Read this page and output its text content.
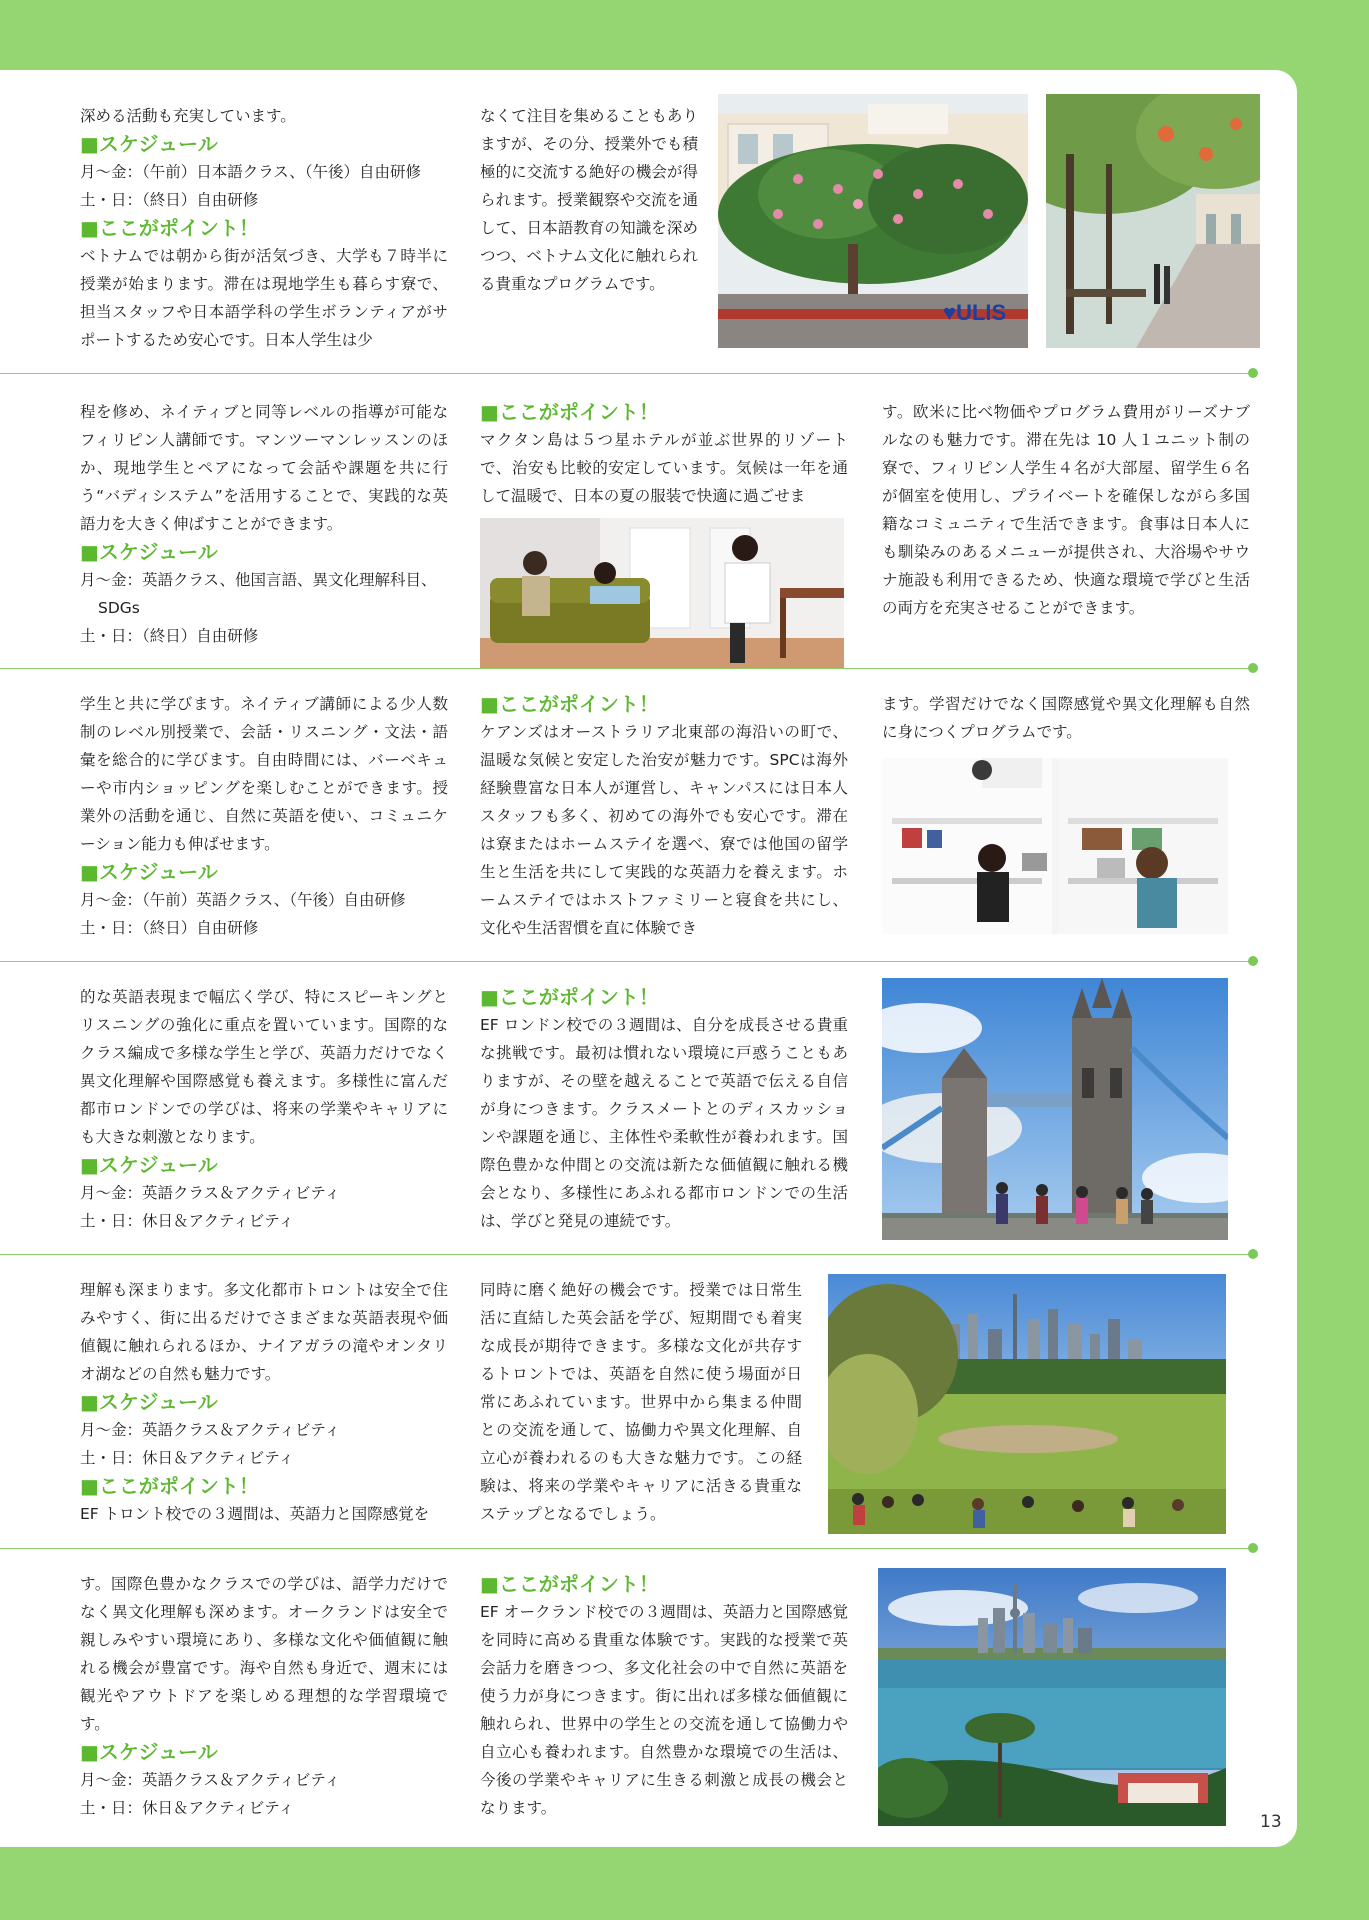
深める活動も充実しています。

■スケジュール

月〜金：（午前）日本語クラス、（午後）自由研修

土・日：（終日）自由研修

■ここがポイント！

ベトナムでは朝から街が活気づき、大学も７時半に授業が始まります。滞在は現地学生も暮らす寮で、担当スタッフや日本語学科の学生ボランティアがサポートするため安心です。日本人学生は少

なくて注目を集めることもありますが、その分、授業外でも積極的に交流する絶好の機会が得られます。授業観察や交流を通して、日本語教育の知識を深めつつ、ベトナム文化に触れられる貴重なプログラムです。

♥ULIS

程を修め、ネイティブと同等レベルの指導が可能なフィリピン人講師です。マンツーマンレッスンのほか、現地学生とペアになって会話や課題を共に行う“バディシステム”を活用することで、実践的な英語力を大きく伸ばすことができます。

■スケジュール

月〜金：英語クラス、他国言語、異文化理解科目、

SDGs

土・日：（終日）自由研修

■ここがポイント！

マクタン島は５つ星ホテルが並ぶ世界的リゾートで、治安も比較的安定しています。気候は一年を通して温暖で、日本の夏の服装で快適に過ごせま

す。欧米に比べ物価やプログラム費用がリーズナブルなのも魅力です。滞在先は 10 人１ユニット制の寮で、フィリピン人学生４名が大部屋、留学生６名が個室を使用し、プライベートを確保しながら多国籍なコミュニティで生活できます。食事は日本人にも馴染みのあるメニューが提供され、大浴場やサウナ施設も利用できるため、快適な環境で学びと生活の両方を充実させることができます。

学生と共に学びます。ネイティブ講師による少人数制のレベル別授業で、会話・リスニング・文法・語彙を総合的に学びます。自由時間には、バーベキューや市内ショッピングを楽しむことができます。授業外の活動を通じ、自然に英語を使い、コミュニケーション能力も伸ばせます。

■スケジュール

月〜金：（午前）英語クラス、（午後）自由研修

土・日：（終日）自由研修

■ここがポイント！

ケアンズはオーストラリア北東部の海沿いの町で、温暖な気候と安定した治安が魅力です。SPCは海外経験豊富な日本人が運営し、キャンパスには日本人スタッフも多く、初めての海外でも安心です。滞在は寮またはホームステイを選べ、寮では他国の留学生と生活を共にして実践的な英語力を養えます。ホームステイではホストファミリーと寝食を共にし、文化や生活習慣を直に体験でき

ます。学習だけでなく国際感覚や異文化理解も自然に身につくプログラムです。

的な英語表現まで幅広く学び、特にスピーキングとリスニングの強化に重点を置いています。国際的なクラス編成で多様な学生と学び、英語力だけでなく異文化理解や国際感覚も養えます。多様性に富んだ都市ロンドンでの学びは、将来の学業やキャリアにも大きな刺激となります。

■スケジュール

月〜金：英語クラス＆アクティビティ

土・日：休日＆アクティビティ

■ここがポイント！

EF ロンドン校での３週間は、自分を成長させる貴重な挑戦です。最初は慣れない環境に戸惑うこともありますが、その壁を越えることで英語で伝える自信が身につきます。クラスメートとのディスカッションや課題を通じ、主体性や柔軟性が養われます。国際色豊かな仲間との交流は新たな価値観に触れる機会となり、多様性にあふれる都市ロンドンでの生活は、学びと発見の連続です。

理解も深まります。多文化都市トロントは安全で住みやすく、街に出るだけでさまざまな英語表現や価値観に触れられるほか、ナイアガラの滝やオンタリオ湖などの自然も魅力です。

■スケジュール

月〜金：英語クラス＆アクティビティ

土・日：休日＆アクティビティ

■ここがポイント！

EF トロント校での３週間は、英語力と国際感覚を

同時に磨く絶好の機会です。授業では日常生活に直結した英会話を学び、短期間でも着実な成長が期待できます。多様な文化が共存するトロントでは、英語を自然に使う場面が日常にあふれています。世界中から集まる仲間との交流を通して、協働力や異文化理解、自立心が養われるのも大きな魅力です。この経験は、将来の学業やキャリアに活きる貴重なステップとなるでしょう。

す。国際色豊かなクラスでの学びは、語学力だけでなく異文化理解も深めます。オークランドは安全で親しみやすい環境にあり、多様な文化や価値観に触れる機会が豊富です。海や自然も身近で、週末には観光やアウトドアを楽しめる理想的な学習環境です。

■スケジュール

月〜金：英語クラス＆アクティビティ

土・日：休日＆アクティビティ

■ここがポイント！

EF オークランド校での３週間は、英語力と国際感覚を同時に高める貴重な体験です。実践的な授業で英会話力を磨きつつ、多文化社会の中で自然に英語を使う力が身につきます。街に出れば多様な価値観に触れられ、世界中の学生との交流を通して協働力や自立心も養われます。自然豊かな環境での生活は、今後の学業やキャリアに生きる刺激と成長の機会となります。

13
